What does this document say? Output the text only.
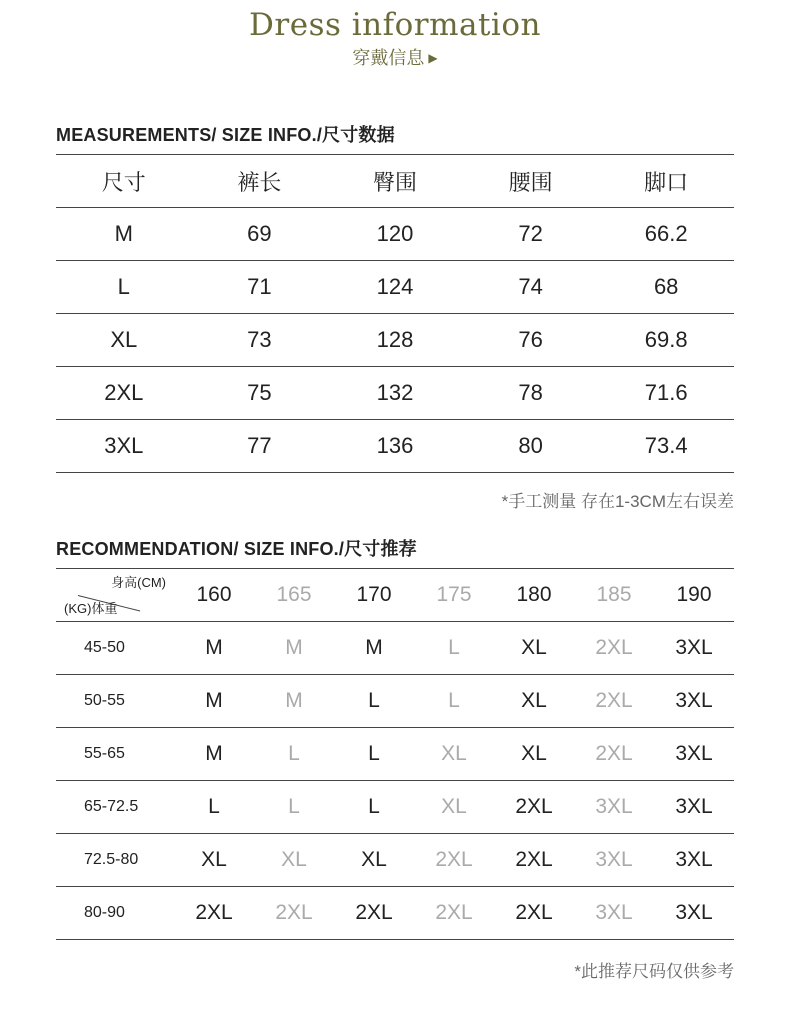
Dress information
穿戴信息 ▶
MEASUREMENTS/ SIZE INFO./尺寸数据
尺寸	裤长	臀围	腰围	脚口
M	69	120	72	66.2
L	71	124	74	68
XL	73	128	76	69.8
2XL	75	132	78	71.6
3XL	77	136	80	73.4
*手工测量 存在1-3CM左右误差
RECOMMENDATION/ SIZE INFO./尺寸推荐
身高(CM)
(KG)体重	160	165	170	175	180	185	190
45-50	M	M	M	L	XL	2XL	3XL
50-55	M	M	L	L	XL	2XL	3XL
55-65	M	L	L	XL	XL	2XL	3XL
65-72.5	L	L	L	XL	2XL	3XL	3XL
72.5-80	XL	XL	XL	2XL	2XL	3XL	3XL
80-90	2XL	2XL	2XL	2XL	2XL	3XL	3XL
*此推荐尺码仅供参考
